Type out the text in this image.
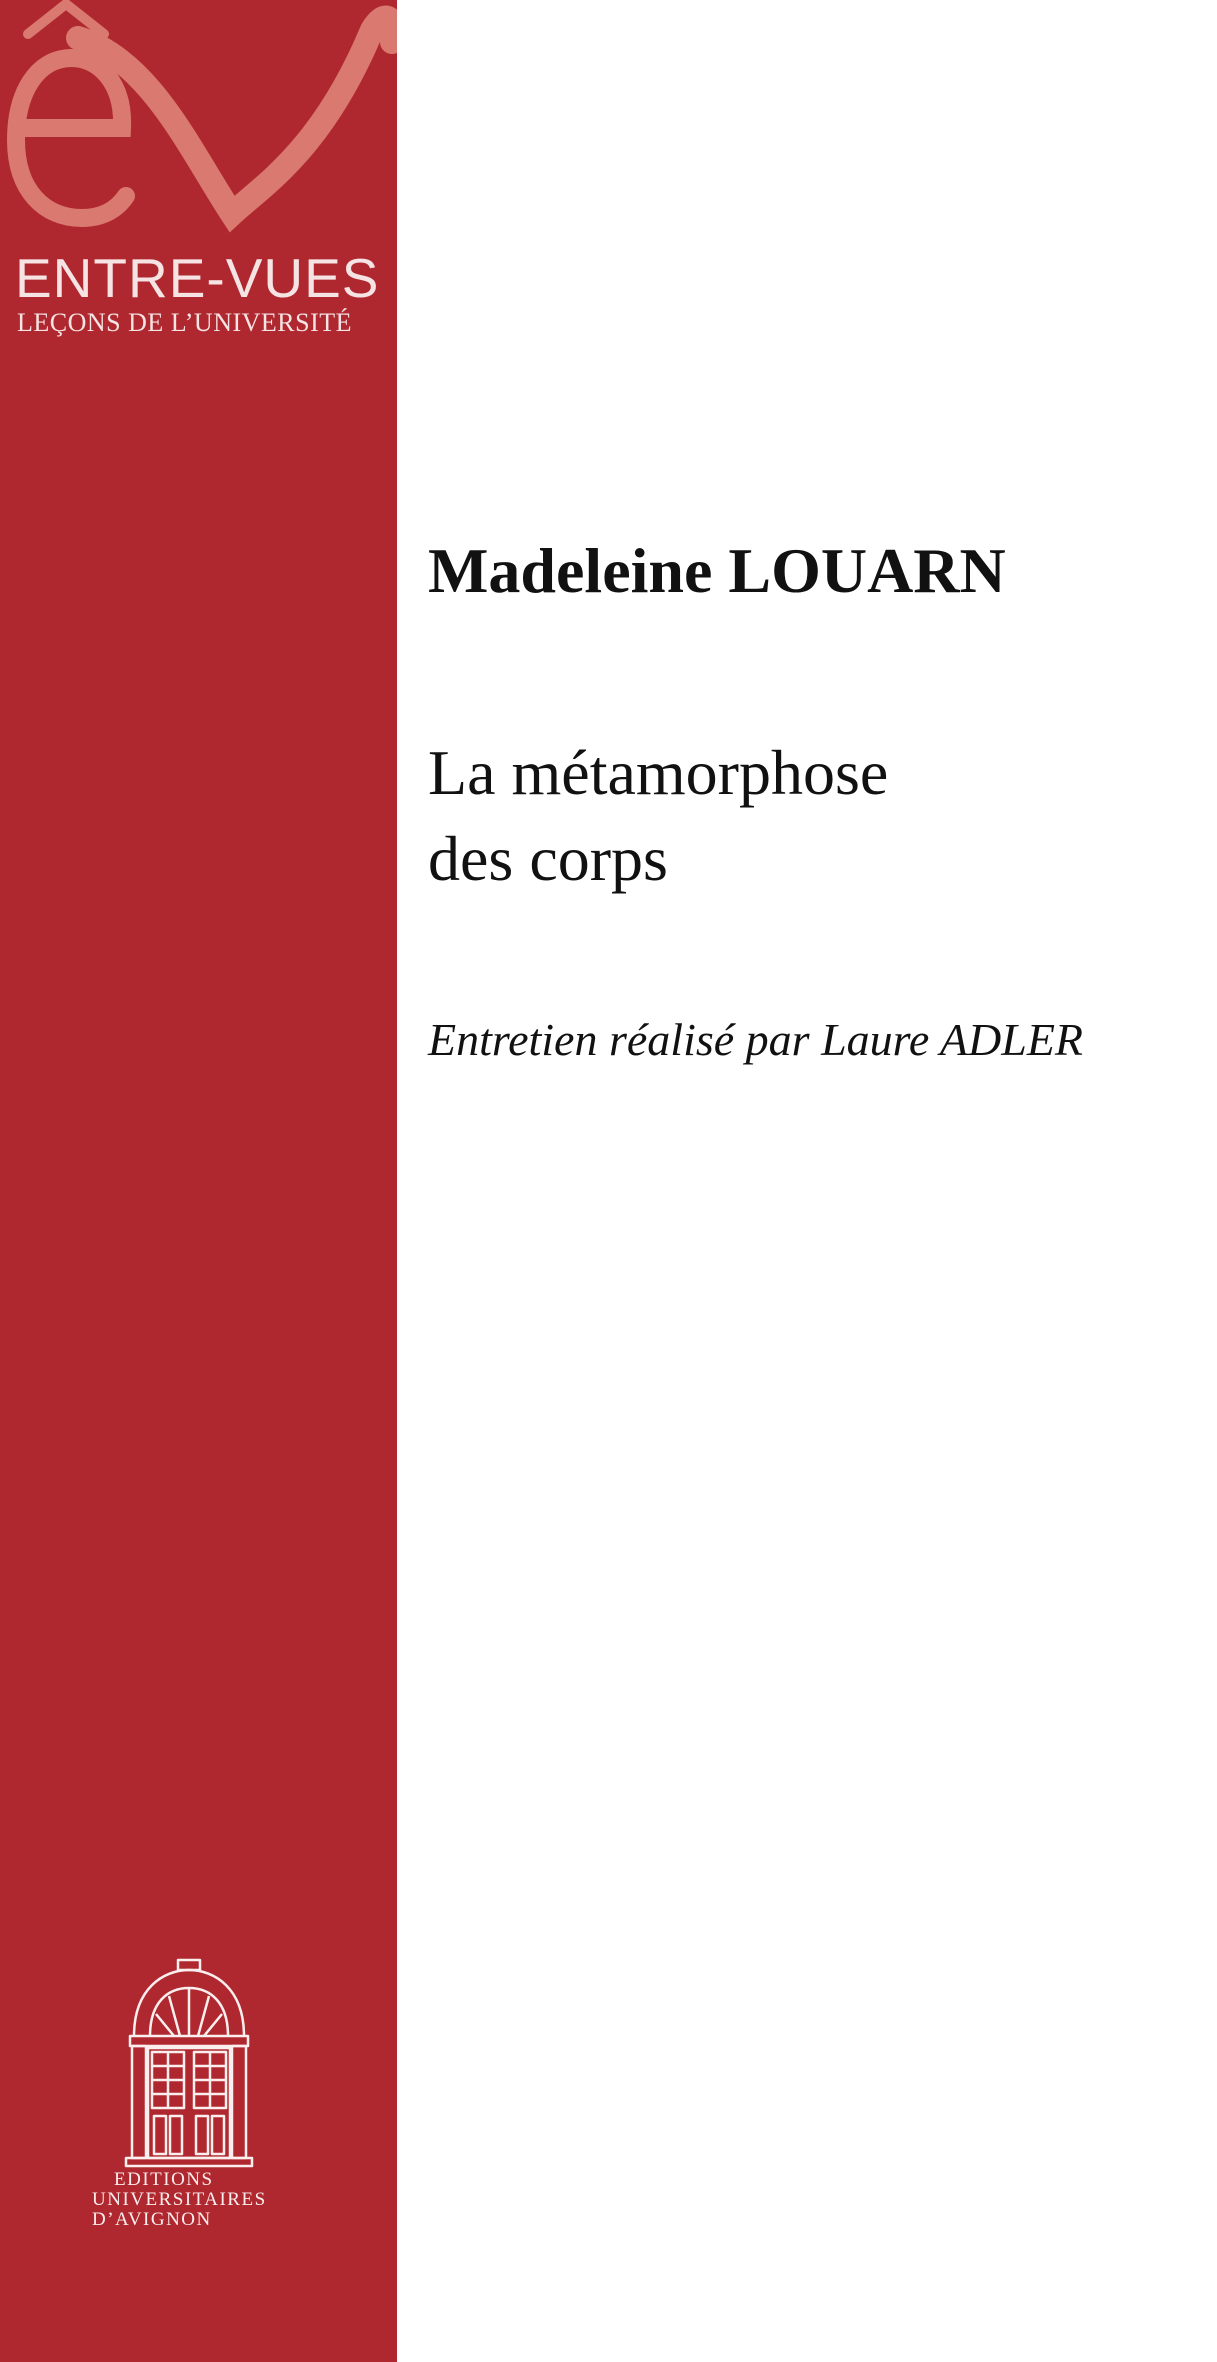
ENTRE-VUES
LEÇONS DE L’UNIVERSITÉ
EDITIONS
UNIVERSITAIRES
D’AVIGNON
Madeleine LOUARN
La métamorphose
des corps
Entretien réalisé par Laure ADLER
